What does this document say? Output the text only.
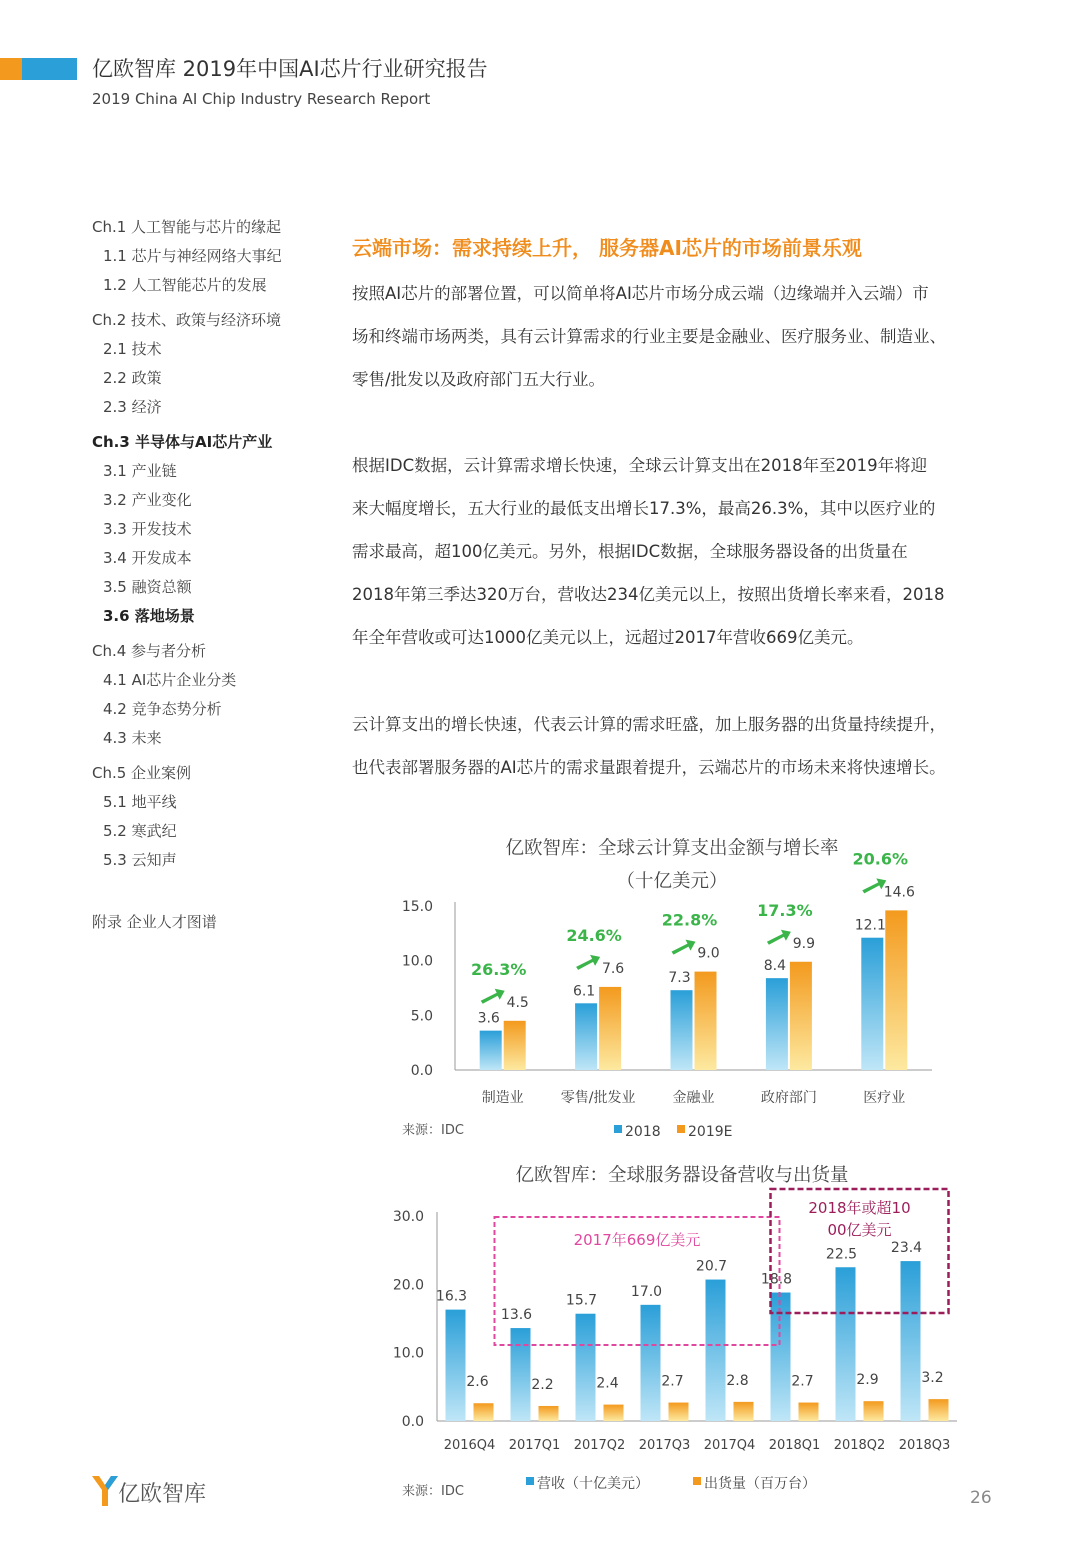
亿欧智库 2019年中国AI芯片行业研究报告
2019 China AI Chip Industry Research Report
Ch.1 人工智能与芯片的缘起
1.1 芯片与神经网络大事纪
1.2 人工智能芯片的发展
Ch.2 技术、政策与经济环境
2.1 技术
2.2 政策
2.3 经济
Ch.3 半导体与AI芯片产业
3.1 产业链
3.2 产业变化
3.3 开发技术
3.4 开发成本
3.5 融资总额
3.6 落地场景
Ch.4 参与者分析
4.1 AI芯片企业分类
4.2 竞争态势分析
4.3 未来
Ch.5 企业案例
5.1 地平线
5.2 寒武纪
5.3 云知声
附录 企业人才图谱
云端市场：需求持续上升， 服务器AI芯片的市场前景乐观
按照AI芯片的部署位置，可以简单将AI芯片市场分成云端（边缘端并入云端）市
场和终端市场两类，具有云计算需求的行业主要是金融业、医疗服务业、制造业、
零售/批发以及政府部门五大行业。
根据IDC数据，云计算需求增长快速，全球云计算支出在2018年至2019年将迎
来大幅度增长，五大行业的最低支出增长17.3%，最高26.3%，其中以医疗业的
需求最高，超100亿美元。另外，根据IDC数据，全球服务器设备的出货量在
2018年第三季达320万台，营收达234亿美元以上，按照出货增长率来看，2018
年全年营收或可达1000亿美元以上，远超过2017年营收669亿美元。
云计算支出的增长快速，代表云计算的需求旺盛，加上服务器的出货量持续提升，
也代表部署服务器的AI芯片的需求量跟着提升，云端芯片的市场未来将快速增长。
亿欧智库：全球云计算支出金额与增长率
（十亿美元）
0.0
5.0
10.0
15.0
3.6
4.5
26.3%
制造业
6.1
7.6
24.6%
零售/批发业
7.3
9.0
22.8%
金融业
8.4
9.9
17.3%
政府部门
12.1
14.6
20.6%
医疗业
来源：IDC	2018 2019E
亿欧智库：全球服务器设备营收与出货量
0.0
10.0
20.0
30.0
16.3
2.6
2016Q4
13.6
2.2
2017Q1
15.7
2.4
2017Q2
17.0
2.7
2017Q3
20.7
2.8
2017Q4
18.8
2.7
2018Q1
22.5
2.9
2018Q2
23.4
3.2
2018Q3
2017年669亿美元
2018年或超10 00亿美元
来源：IDC	营收（十亿美元）	出货量（百万台）
亿欧智库	26
